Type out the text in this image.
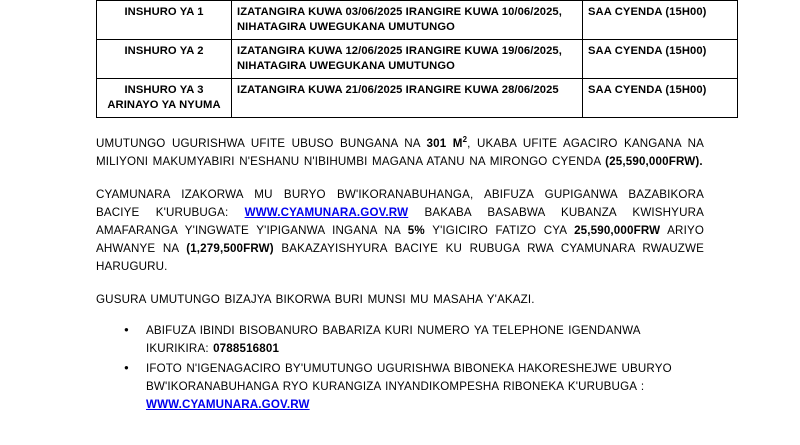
INSHURO YA 1	IZATANGIRA KUWA 03/06/2025 IRANGIRE KUWA 10/06/2025, NIHATAGIRA UWEGUKANA UMUTUNGO	SAA CYENDA (15H00)
INSHURO YA 2	IZATANGIRA KUWA 12/06/2025 IRANGIRE KUWA 19/06/2025, NIHATAGIRA UWEGUKANA UMUTUNGO	SAA CYENDA (15H00)
INSHURO YA 3 ARINAYO YA NYUMA	IZATANGIRA KUWA 21/06/2025 IRANGIRE KUWA 28/06/2025	SAA CYENDA (15H00)

UMUTUNGO UGURISHWA UFITE UBUSO BUNGANA NA 301 $M^2$, UKABA UFITE AGACIRO KANGANA NA MILIYONI MAKUMYABIRI N'ESHANU N'IBIHUMBI MAGANA ATANU NA MIRONGO CYENDA (25,590,000FRW).

CYAMUNARA IZAKORWA MU BURYO BW'IKORANABUHANGA, ABIFUZA GUPIGANWA BAZABIKORA BACIYE K'URUBUGA: WWW.CYAMUNARA.GOV.RW BAKABA BASABWA KUBANZA KWISHYURA AMAFARANGA Y'INGWATE Y'IPIGANWA INGANA NA 5% Y'IGICIRO FATIZO CYA 25,590,000FRW ARIYO AHWANYE NA (1,279,500FRW) BAKAZAYISHYURA BACIYE KU RUBUGA RWA CYAMUNARA RWAUZWE HARUGURU.

GUSURA UMUTUNGO BIZAJYA BIKORWA BURI MUNSI MU MASAHA Y'AKAZI.

● ABIFUZA IBINDI BISOBANURO BABARIZA KURI NUMERO YA TELEPHONE IGENDANWA IKURIKIRA: 0788516801
● IFOTO N'IGENAGACIRO BY'UMUTUNGO UGURISHWA BIBONEKA HAKORESHEJWE UBURYO BW'IKORANABUHANGA RYO KURANGIZA INYANDIKOMPESHA RIBONEKA K'URUBUGA : WWW.CYAMUNARA.GOV.RW
